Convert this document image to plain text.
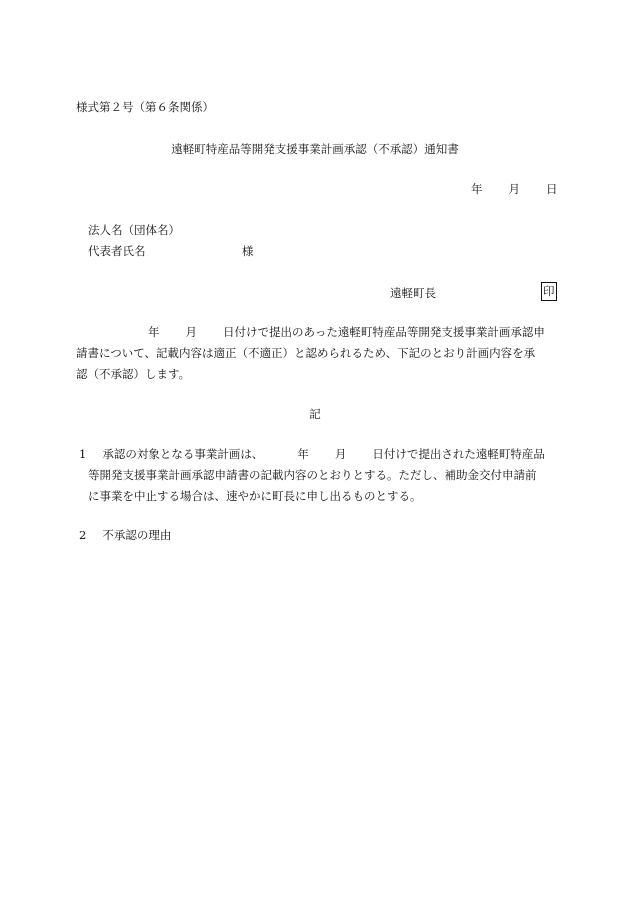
様式第２号（第６条関係）
遠軽町特産品等開発支援事業計画承認（不承認）通知書
年 月 日
法人名（団体名）
代表者氏名	様
遠軽町長	印
年 月 日付けで提出のあった遠軽町特産品等開発支援事業計画承認申
請書について、記載内容は適正（不適正）と認められるため、下記のとおり計画内容を承
認（不承認）します。
記
1 承認の対象となる事業計画は、	年 月 日付けで提出された遠軽町特産品
等開発支援事業計画承認申請書の記載内容のとおりとする。ただし、補助金交付申請前
に事業を中止する場合は、速やかに町長に申し出るものとする。
2 不承認の理由
